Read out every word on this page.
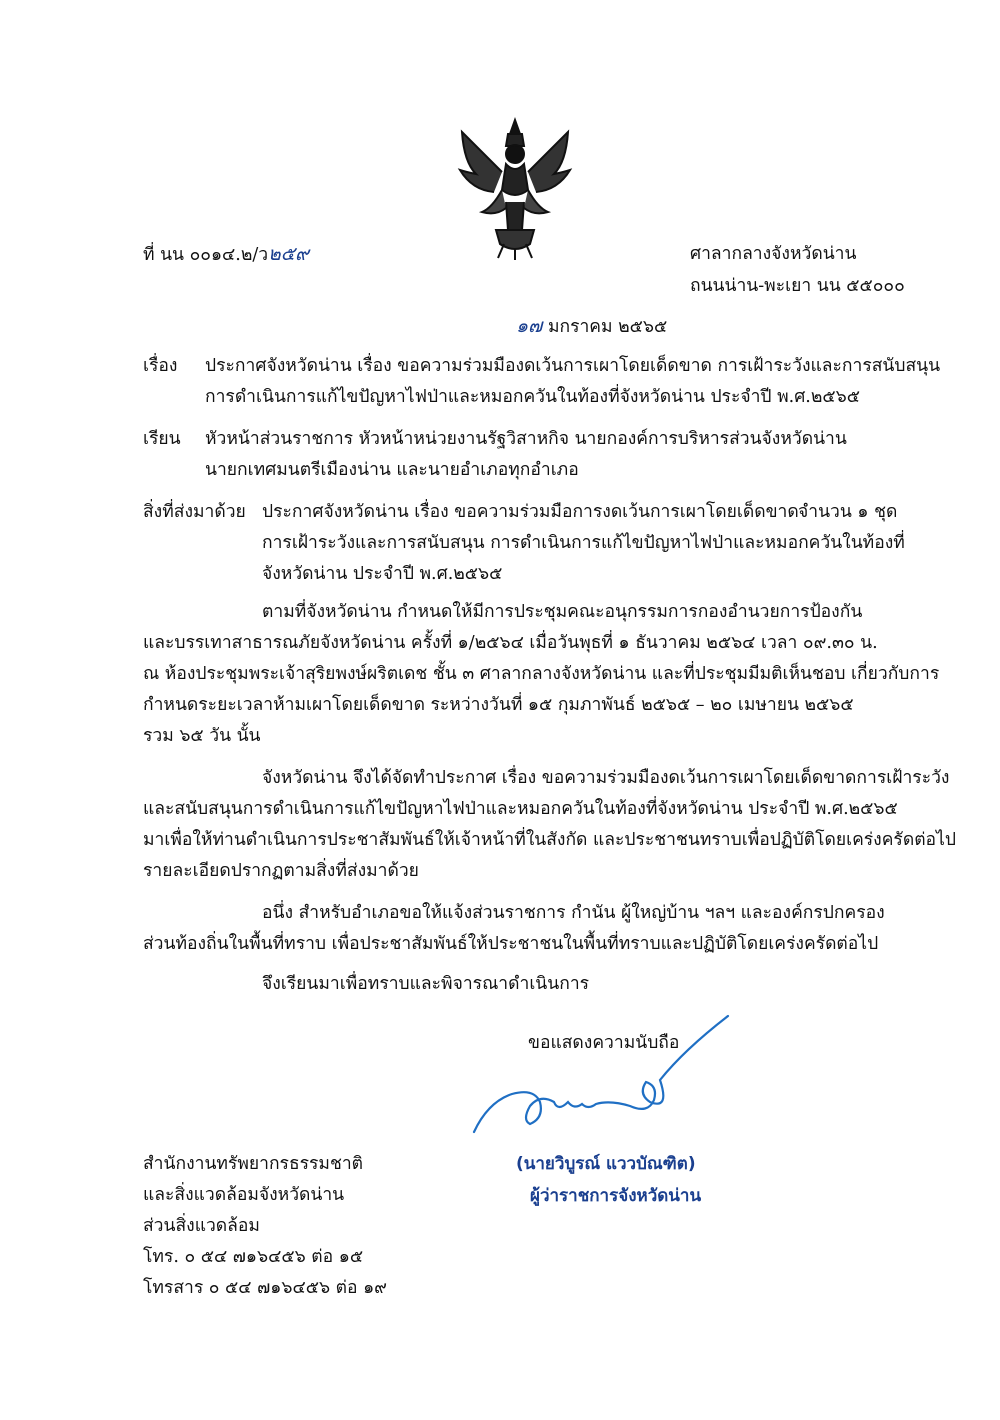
ที่ นน ๐๐๑๔.๒/ว๒๕๙	ศาลากลางจังหวัดน่าน
ถนนน่าน-พะเยา นน ๕๕๐๐๐
๑๗ มกราคม ๒๕๖๕
เรื่อง ประกาศจังหวัดน่าน เรื่อง ขอความร่วมมืองดเว้นการเผาโดยเด็ดขาด การเฝ้าระวังและการสนับสนุน
การดำเนินการแก้ไขปัญหาไฟป่าและหมอกควันในท้องที่จังหวัดน่าน ประจำปี พ.ศ.๒๕๖๕
เรียน หัวหน้าส่วนราชการ หัวหน้าหน่วยงานรัฐวิสาหกิจ นายกองค์การบริหารส่วนจังหวัดน่าน
นายกเทศมนตรีเมืองน่าน และนายอำเภอทุกอำเภอ
สิ่งที่ส่งมาด้วย ประกาศจังหวัดน่าน เรื่อง ขอความร่วมมือการงดเว้นการเผาโดยเด็ดขาด จำนวน ๑ ชุด
การเฝ้าระวังและการสนับสนุน การดำเนินการแก้ไขปัญหาไฟป่าและหมอกควันในท้องที่
จังหวัดน่าน ประจำปี พ.ศ.๒๕๖๕
ตามที่จังหวัดน่าน กำหนดให้มีการประชุมคณะอนุกรรมการกองอำนวยการป้องกัน
และบรรเทาสาธารณภัยจังหวัดน่าน ครั้งที่ ๑/๒๕๖๔ เมื่อวันพุธที่ ๑ ธันวาคม ๒๕๖๔ เวลา ๐๙.๓๐ น.
ณ ห้องประชุมพระเจ้าสุริยพงษ์ผริตเดช ชั้น ๓ ศาลากลางจังหวัดน่าน และที่ประชุมมีมติเห็นชอบ เกี่ยวกับการ
กำหนดระยะเวลาห้ามเผาโดยเด็ดขาด ระหว่างวันที่ ๑๕ กุมภาพันธ์ ๒๕๖๕ – ๒๐ เมษายน ๒๕๖๕
รวม ๖๕ วัน นั้น
จังหวัดน่าน จึงได้จัดทำประกาศ เรื่อง ขอความร่วมมืองดเว้นการเผาโดยเด็ดขาดการเฝ้าระวัง
และสนับสนุนการดำเนินการแก้ไขปัญหาไฟป่าและหมอกควันในท้องที่จังหวัดน่าน ประจำปี พ.ศ.๒๕๖๕
มาเพื่อให้ท่านดำเนินการประชาสัมพันธ์ให้เจ้าหน้าที่ในสังกัด และประชาชนทราบเพื่อปฏิบัติโดยเคร่งครัดต่อไป
รายละเอียดปรากฏตามสิ่งที่ส่งมาด้วย
อนึ่ง สำหรับอำเภอขอให้แจ้งส่วนราชการ กำนัน ผู้ใหญ่บ้าน ฯลฯ และองค์กรปกครอง
ส่วนท้องถิ่นในพื้นที่ทราบ เพื่อประชาสัมพันธ์ให้ประชาชนในพื้นที่ทราบและปฏิบัติโดยเคร่งครัดต่อไป
จึงเรียนมาเพื่อทราบและพิจารณาดำเนินการ
ขอแสดงความนับถือ
(นายวิบูรณ์ แววบัณฑิต)
ผู้ว่าราชการจังหวัดน่าน
สำนักงานทรัพยากรธรรมชาติ
และสิ่งแวดล้อมจังหวัดน่าน
ส่วนสิ่งแวดล้อม
โทร. ๐ ๕๔ ๗๑๖๔๕๖ ต่อ ๑๕
โทรสาร ๐ ๕๔ ๗๑๖๔๕๖ ต่อ ๑๙
